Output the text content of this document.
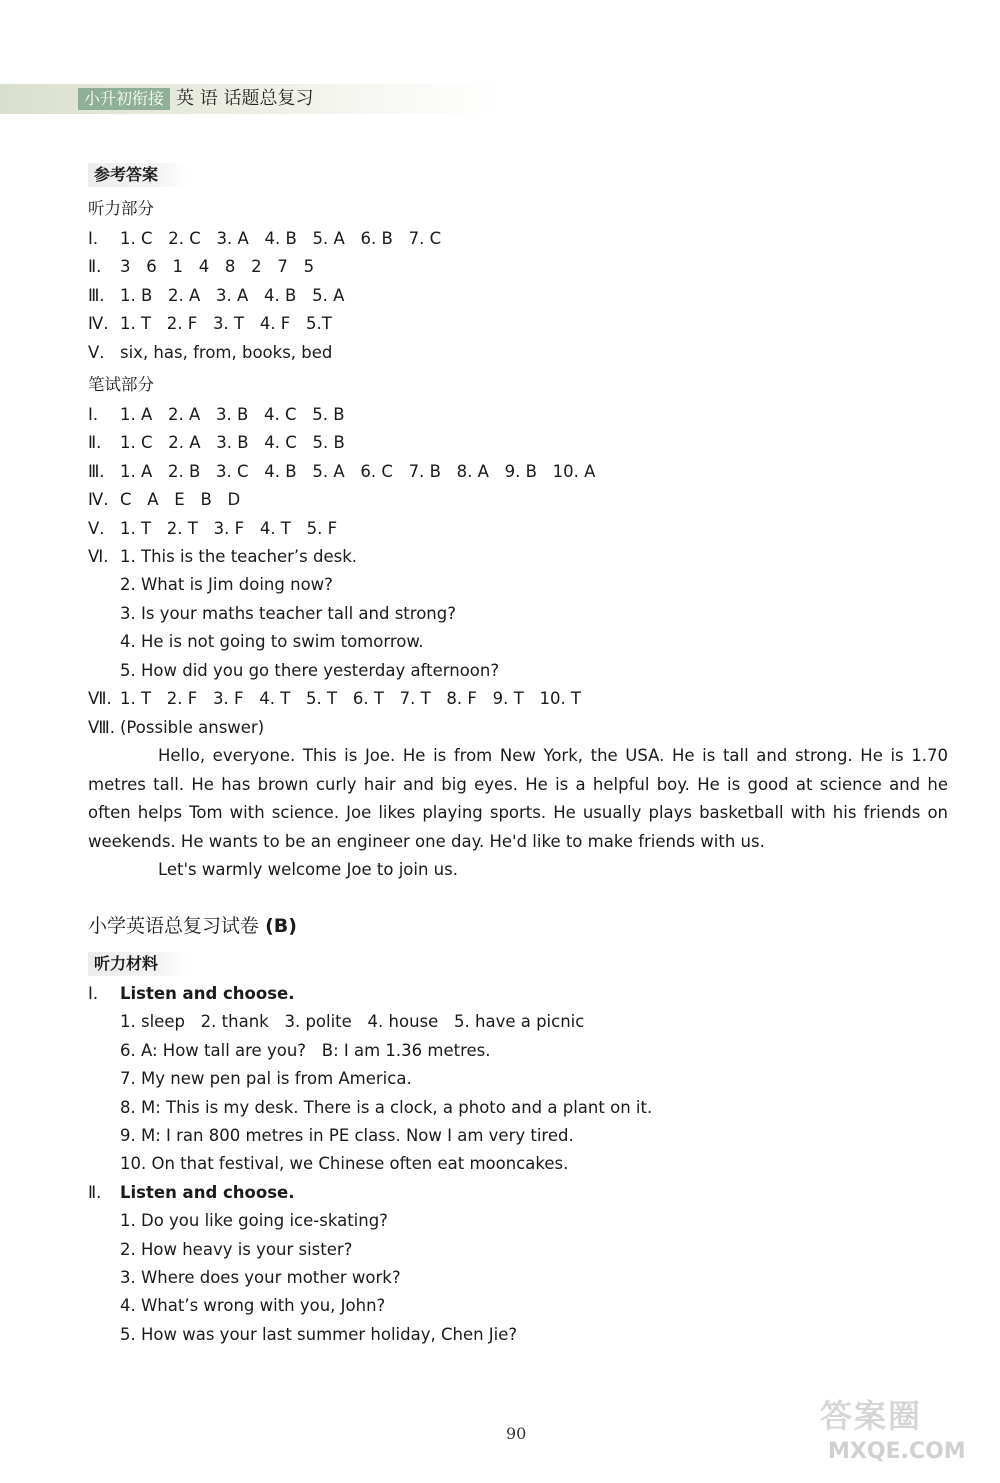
小升初衔接 英 语 话题总复习
参考答案
听力部分
Ⅰ.	1. C   2. C   3. A   4. B   5. A   6. B   7. C
Ⅱ.	3   6   1   4   8   2   7   5
Ⅲ. 1. B   2. A   3. A   4. B   5. A
Ⅳ. 1. T   2. F   3. T   4. F   5.T
Ⅴ. six, has, from, books, bed
笔试部分
Ⅰ.	1. A   2. A   3. B   4. C   5. B
Ⅱ.	1. C   2. A   3. B   4. C   5. B
Ⅲ. 1. A   2. B   3. C   4. B   5. A   6. C   7. B   8. A   9. B   10. A
Ⅳ. C   A   E   B   D
Ⅴ. 1. T   2. T   3. F   4. T   5. F
Ⅵ. 1. This is the teacher’s desk.
2. What is Jim doing now?
3. Is your maths teacher tall and strong?
4. He is not going to swim tomorrow.
5. How did you go there yesterday afternoon?
Ⅶ. 1. T   2. F   3. F   4. T   5. T   6. T   7. T   8. F   9. T   10. T
Ⅷ. (Possible answer)
Hello, everyone. This is Joe. He is from New York, the USA. He is tall and strong. He is 1.70 metres tall. He has brown curly hair and big eyes. He is a helpful boy. He is good at science and he often helps Tom with science. Joe likes playing sports. He usually plays basketball with his friends on weekends. He wants to be an engineer one day. He'd like to make friends with us.
Let's warmly welcome Joe to join us.
小学英语总复习试卷 (B)
听力材料
Ⅰ.	Listen and choose.
1. sleep   2. thank   3. polite   4. house   5. have a picnic
6. A: How tall are you?   B: I am 1.36 metres.
7. My new pen pal is from America.
8. M: This is my desk. There is a clock, a photo and a plant on it.
9. M: I ran 800 metres in PE class. Now I am very tired.
10. On that festival, we Chinese often eat mooncakes.
Ⅱ.	Listen and choose.
1. Do you like going ice-skating?
2. How heavy is your sister?
3. Where does your mother work?
4. What’s wrong with you, John?
5. How was your last summer holiday, Chen Jie?
90	答案圈
MXQE.COM
